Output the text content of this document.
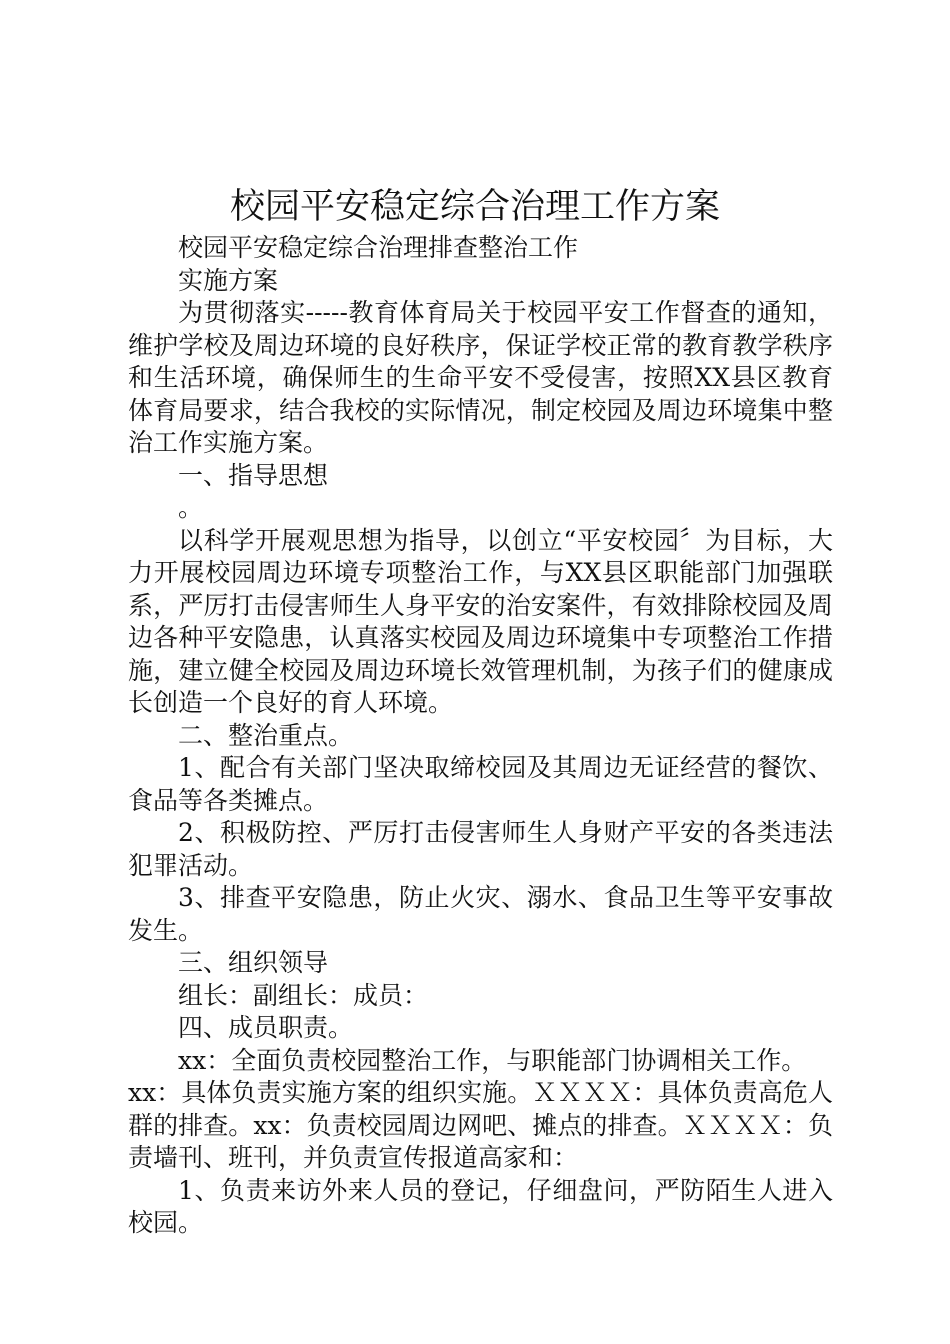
校园平安稳定综合治理工作方案

校园平安稳定综合治理排查整治工作

实施方案

为贯彻落实-----教育体育局关于校园平安工作督查的通知，维护学校及周边环境的良好秩序，保证学校正常的教育教学秩序和生活环境，确保师生的生命平安不受侵害，按照XX县区教育体育局要求，结合我校的实际情况，制定校园及周边环境集中整治工作实施方案。

一、指导思想

。

以科学开展观思想为指导，以创立“平安校园〞为目标，大力开展校园周边环境专项整治工作，与XX县区职能部门加强联系，严厉打击侵害师生人身平安的治安案件，有效排除校园及周边各种平安隐患，认真落实校园及周边环境集中专项整治工作措施，建立健全校园及周边环境长效管理机制，为孩子们的健康成长创造一个良好的育人环境。

二、整治重点。

1、配合有关部门坚决取缔校园及其周边无证经营的餐饮、食品等各类摊点。

2、积极防控、严厉打击侵害师生人身财产平安的各类违法犯罪活动。

3、排查平安隐患，防止火灾、溺水、食品卫生等平安事故发生。

三、组织领导

组长：副组长：成员：

四、成员职责。

xx：全面负责校园整治工作，与职能部门协调相关工作。

xx：具体负责实施方案的组织实施。ＸＸＸＸ：具体负责高危人群的排查。xx：负责校园周边网吧、摊点的排查。ＸＸＸＸ：负责墙刊、班刊，并负责宣传报道高家和：

1、负责来访外来人员的登记，仔细盘问，严防陌生人进入校园。
